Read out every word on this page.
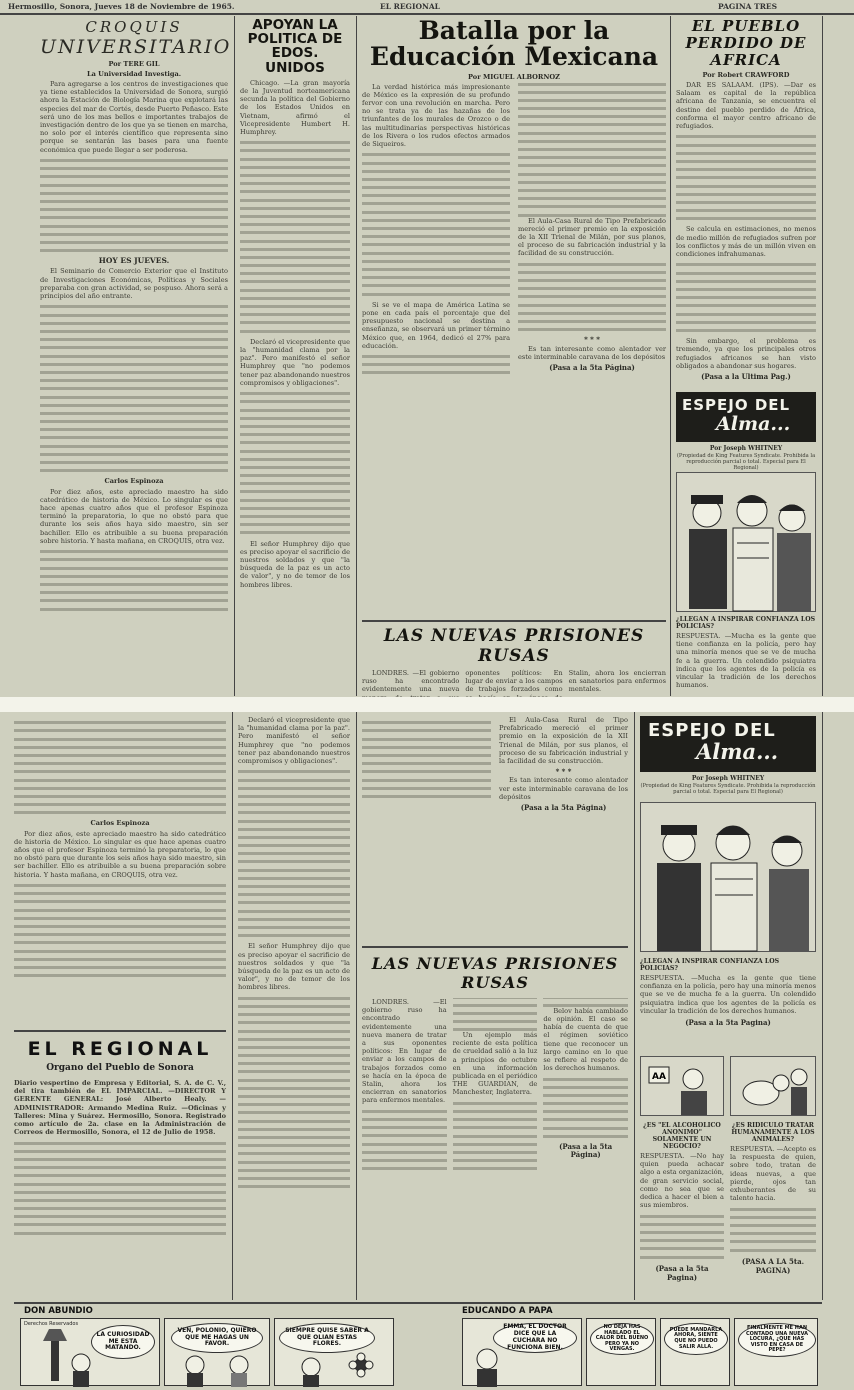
Hermosillo, Sonora, Jueves 18 de Noviembre de 1965.	EL REGIONAL	PAGINA TRES
CROQUIS
UNIVERSITARIO
Por TERE GIL
La Universidad Investiga.

Para agregarse a los centros de investigaciones que ya tiene establecidos la Universidad de Sonora, surgió ahora la Estación de Biología Marina que explotará las especies del mar de Cortés, desde Puerto Peñasco. Este será uno de los mas bellos e importantes trabajos de investigación dentro de los que ya se tienen en marcha, no solo por el interés científico que representa sino porque se sentarán las bases para una fuente económica que puede llegar a ser poderosa.

HOY ES JUEVES.

El Seminario de Comercio Exterior que el Instituto de Investigaciones Económicas, Políticas y Sociales preparaba con gran actividad, se pospuso. Ahora será a principios del año entrante.

Carlos Espinoza

Por diez años, este apreciado maestro ha sido catedrático de historia de México. Lo singular es que hace apenas cuatro años que el profesor Espinoza terminó la preparatoria, lo que no obstó para que durante los seis años haya sido maestro, sin ser bachiller. Ello es atribuible a su buena preparación sobre historia. Y hasta mañana, en CROQUIS, otra vez.

APOYAN LA POLITICA DE EDOS. UNIDOS

Chicago. —La gran mayoría de la Juventud norteamericana secunda la política del Gobierno de los Estados Unidos en Vietnam, afirmó el Vicepresidente Humbert H. Humphrey.

Declaró el vicepresidente que la "humanidad clama por la paz". Pero manifestó el señor Humphrey que "no podemos tener paz abandonando nuestros compromisos y obligaciones".

El señor Humphrey dijo que es preciso apoyar el sacrificio de nuestros soldados y que "la búsqueda de la paz es un acto de valor", y no de temor de los hombres libres.

Batalla por la Educación Mexicana
Por MIGUEL ALBORNOZ

La verdad histórica más impresionante de México es la expresión de su profundo fervor con una revolución en marcha. Pero no se trata ya de las hazañas de los triunfantes de los murales de Orozco o de las multitudinarias perspectivas históricas de los Rivera o los rudos efectos armados de Siqueiros.

Si se ve el mapa de América Latina se pone en cada país el porcentaje que del presupuesto nacional se destina a enseñanza, se observará un primer término México que, en 1964, dedicó el 27% para educación.

El Aula-Casa Rural de Tipo Prefabricado mereció el primer premio en la exposición de la XII Trienal de Milán, por sus planos, el proceso de su fabricación industrial y la facilidad de su construcción.

* * *

Es tan interesante como alentador ver este interminable caravana de los depósitos

(Pasa a la 5ta Página)
LAS NUEVAS PRISIONES RUSAS

LONDRES. —El gobierno ruso ha encontrado evidentemente una nueva oponentes políticos: En lugar de enviar a los campos de trabajos forzados como Stalin, ahora los encierran en sanatorios para enfermos mentales.

EL PUEBLO PERDIDO DE AFRICA
Por Robert CRAWFORD

DAR ES SALAAM. (IPS). —Dar es Salaam es capital de la república africana de Tanzania, se encuentra el destino del pueblo perdido de África, conforma el mayor centro africano de refugiados.

Se calcula en estimaciones, no menos de medio millón de refugiados sufren por los conflictos y más de un millón viven en condiciones infrahumanas.

Sin embargo, el problema es tremendo, ya que los principales otros refugiados africanos se han visto obligados a abandonar sus hogares.

(Pasa a la Ultima Pag.)
ESPEJO DEL
Alma...
Por Joseph WHITNEY
(Propiedad de King Features Syndicate. Prohibida la reproducción parcial o total. Especial para El Regional)
¿LLEGAN A INSPIRAR CONFIANZA LOS POLICIAS?
RESPUESTA. —Mucha es la gente que tiene confianza en la policía, pero hay una minoría menos que se ve de mucha fe a la guerra. Un colendido psiquiatra indica que los agentes de la policía es vincular la tradición de los derechos humanos.
Carlos Espinoza

Por diez años, este apreciado maestro ha sido catedrático de historia de México. Lo singular es que hace apenas cuatro años que el profesor Espinoza terminó la preparatoria, lo que no obstó para que durante los seis años haya sido maestro, sin ser bachiller. Ello es atribuible a su buena preparación sobre historia. Y hasta mañana, en CROQUIS, otra vez.

EL REGIONAL
Organo del Pueblo de Sonora
Diario vespertino de Empresa y Editorial, S. A. de C. V., del tira también de EL IMPARCIAL. —DIRECTOR Y GERENTE GENERAL: José Alberto Healy. —ADMINISTRADOR: Armando Medina Ruiz. —Oficinas y Talleres: Mina y Suárez. Hermosillo, Sonora. Registrado como artículo de 2a. clase en la Administración de Correos de Hermosillo, Sonora, el 12 de Julio de 1958.

Declaró el vicepresidente que la "humanidad clama por la paz". Pero manifestó el señor Humphrey que "no podemos tener paz abandonando nuestros compromisos y obligaciones".

El señor Humphrey dijo que es preciso apoyar el sacrificio de nuestros soldados y que "la búsqueda de la paz es un acto de valor", y no de temor de los hombres libres.

El Aula-Casa Rural de Tipo Prefabricado mereció el primer premio en la exposición de la XII Trienal de Milán, por sus planos, el proceso de su fabricación industrial y la facilidad de su construcción.

* * *

Es tan interesante como alentador ver este interminable caravana de los depósitos

(Pasa a la 5ta Página)
LAS NUEVAS PRISIONES RUSAS

LONDRES. —El gobierno ruso ha encontrado evidentemente una nueva manera de tratar a sus oponentes políticos: En lugar de enviar a los campos de trabajos forzados como se hacía en la época de Stalin, ahora los encierran en sanatorios para enfermos mentales.

Un ejemplo más reciente de esta política de crueldad salió a la luz a principios de octubre en una información publicada en el periódico THE GUARDIAN, de Manchester, Inglaterra.

Belov había cambiado de opinión. El caso se había de cuenta de que el régimen soviético tiene que reconocer un largo camino en lo que se refiere al respeto de los derechos humanos.

(Pasa a la 5ta Página)
ESPEJO DEL
Alma...
Por Joseph WHITNEY
(Propiedad de King Features Syndicate. Prohibida la reproducción parcial o total. Especial para El Regional)
¿LLEGAN A INSPIRAR CONFIANZA LOS POLICIAS?
RESPUESTA. —Mucha es la gente que tiene confianza en la policía, pero hay una minoría menos que se ve de mucha fe a la guerra. Un colendido psiquiatra indica que los agentes de la policía es vincular la tradición de los derechos humanos.
(Pasa a la 5ta Pagina)
AA
¿ES "EL ALCOHOLICO ANONIMO" SOLAMENTE UN NEGOCIO?
RESPUESTA. —No hay quien pueda achacar algo a esta organización, de gran servicio social, como no sea que se dedica a hacer el bien a sus miembros.
(Pasa a la 5ta Pagina)
¿ES RIDICULO TRATAR HUMANAMENTE A LOS ANIMALES?
RESPUESTA. —Acepto es la respuesta de quien, sobre todo, tratan de ideas nuevas, a que pierde, ojos tan exhuberantes de su talento hacia.
(PASA A LA 5ta. PAGINA)
DON ABUNDIO	EDUCANDO A PAPA
Derechos Reservados
LA CURIOSIDAD ME ESTA MATANDO.
VEN, POLONIO, QUIERO QUE ME HAGAS UN FAVOR.
SIEMPRE QUISE SABER A QUE OLIAN ESTAS FLORES.
EMMA, EL DOCTOR DICE QUE LA CUCHARA NO FUNCIONA BIEN.
NO DEJA HAS HABLADO EL CALOR DEL BUENO PERO YA NO VENGAS.
PUEDE MANDARLA AHORA, SIENTE QUE NO PUEDO SALIR ALLA.
FINALMENTE ME HAN CONTADO UNA NUEVA LOCURA, ¿QUE HAS VISTO EN CASA DE PEPE?
